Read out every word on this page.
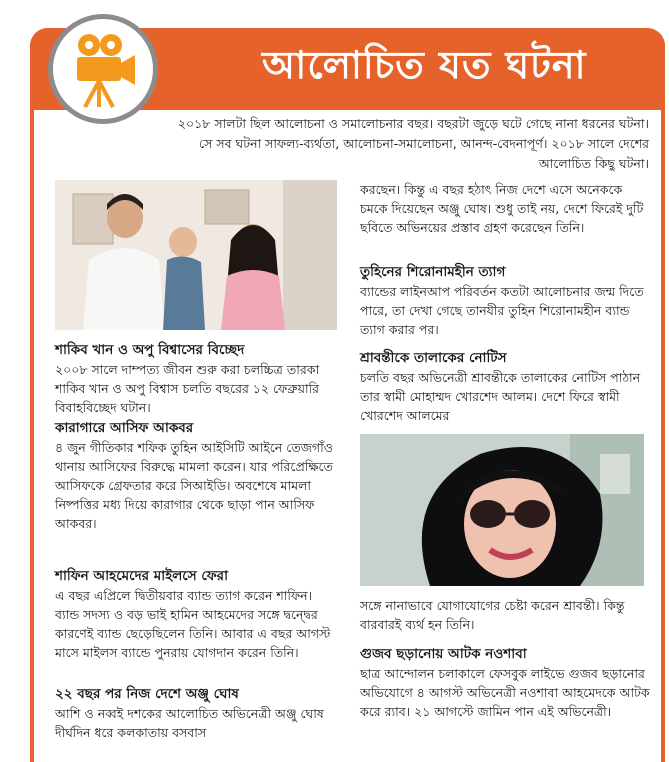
আলোচিত যত ঘটনা
২০১৮ সালটা ছিল আলোচনা ও সমালোচনার বছর। বছরটা জুড়ে ঘটে গেছে নানা ধরনের ঘটনা। সে সব ঘটনা সাফল্য-ব্যর্থতা, আলোচনা-সমালোচনা, আনন্দ-বেদনাপূর্ণ। ২০১৮ সালে দেশের আলোচিত কিছু ঘটনা।
শাকিব খান ও অপু বিশ্বাসের বিচ্ছেদ

২০০৮ সালে দাম্পত্য জীবন শুরু করা চলচ্চিত্র তারকা শাকিব খান ও অপু বিশ্বাস চলতি বছরের ১২ ফেব্রুয়ারি বিবাহবিচ্ছেদ ঘটান।

কারাগারে আসিফ আকবর

৪ জুন গীতিকার শফিক তুহিন আইসিটি আইনে তেজগাঁও থানায় আসিফের বিরুদ্ধে মামলা করেন। যার পরিপ্রেক্ষিতে আসিফকে গ্রেফতার করে সিআইডি। অবশেষে মামলা নিষ্পত্তির মধ্য দিয়ে কারাগার থেকে ছাড়া পান আসিফ আকবর।

শাফিন আহমেদের মাইলসে ফেরা

এ বছর এপ্রিলে দ্বিতীয়বার ব্যান্ড ত্যাগ করেন শাফিন। ব্যান্ড সদস্য ও বড় ভাই হামিন আহমেদের সঙ্গে দ্বন্দ্বের কারণেই ব্যান্ড ছেড়েছিলেন তিনি। আবার এ বছর আগস্ট মাসে মাইলস ব্যান্ডে পুনরায় যোগদান করেন তিনি।

২২ বছর পর নিজ দেশে অঞ্জু ঘোষ

আশি ও নব্বই দশকের আলোচিত অভিনেত্রী অঞ্জু ঘোষ দীর্ঘদিন ধরে কলকাতায় বসবাস

করছেন। কিন্তু এ বছর হঠাৎ নিজ দেশে এসে অনেককে চমকে দিয়েছেন অঞ্জু ঘোষ। শুধু তাই নয়, দেশে ফিরেই দুটি ছবিতে অভিনয়ের প্রস্তাব গ্রহণ করেছেন তিনি।

তুহিনের শিরোনামহীন ত্যাগ

ব্যান্ডের লাইনআপ পরিবর্তন কতটা আলোচনার জন্ম দিতে পারে, তা দেখা গেছে তানযীর তুহিন শিরোনামহীন ব্যান্ড ত্যাগ করার পর।

শ্রাবন্তীকে তালাকের নোটিস

চলতি বছর অভিনেত্রী শ্রাবন্তীকে তালাকের নোটিস পাঠান তার স্বামী মোহাম্মদ খোরশেদ আলম। দেশে ফিরে স্বামী খোরশেদ আলমের

সঙ্গে নানাভাবে যোগাযোগের চেষ্টা করেন শ্রাবন্তী। কিন্তু বারবারই ব্যর্থ হন তিনি।

গুজব ছড়ানোয় আটক নওশাবা

ছাত্র আন্দোলন চলাকালে ফেসবুক লাইভে গুজব ছড়ানোর অভিযোগে ৪ আগস্ট অভিনেত্রী নওশাবা আহমেদকে আটক করে র‍্যাব। ২১ আগস্টে জামিন পান এই অভিনেত্রী।
